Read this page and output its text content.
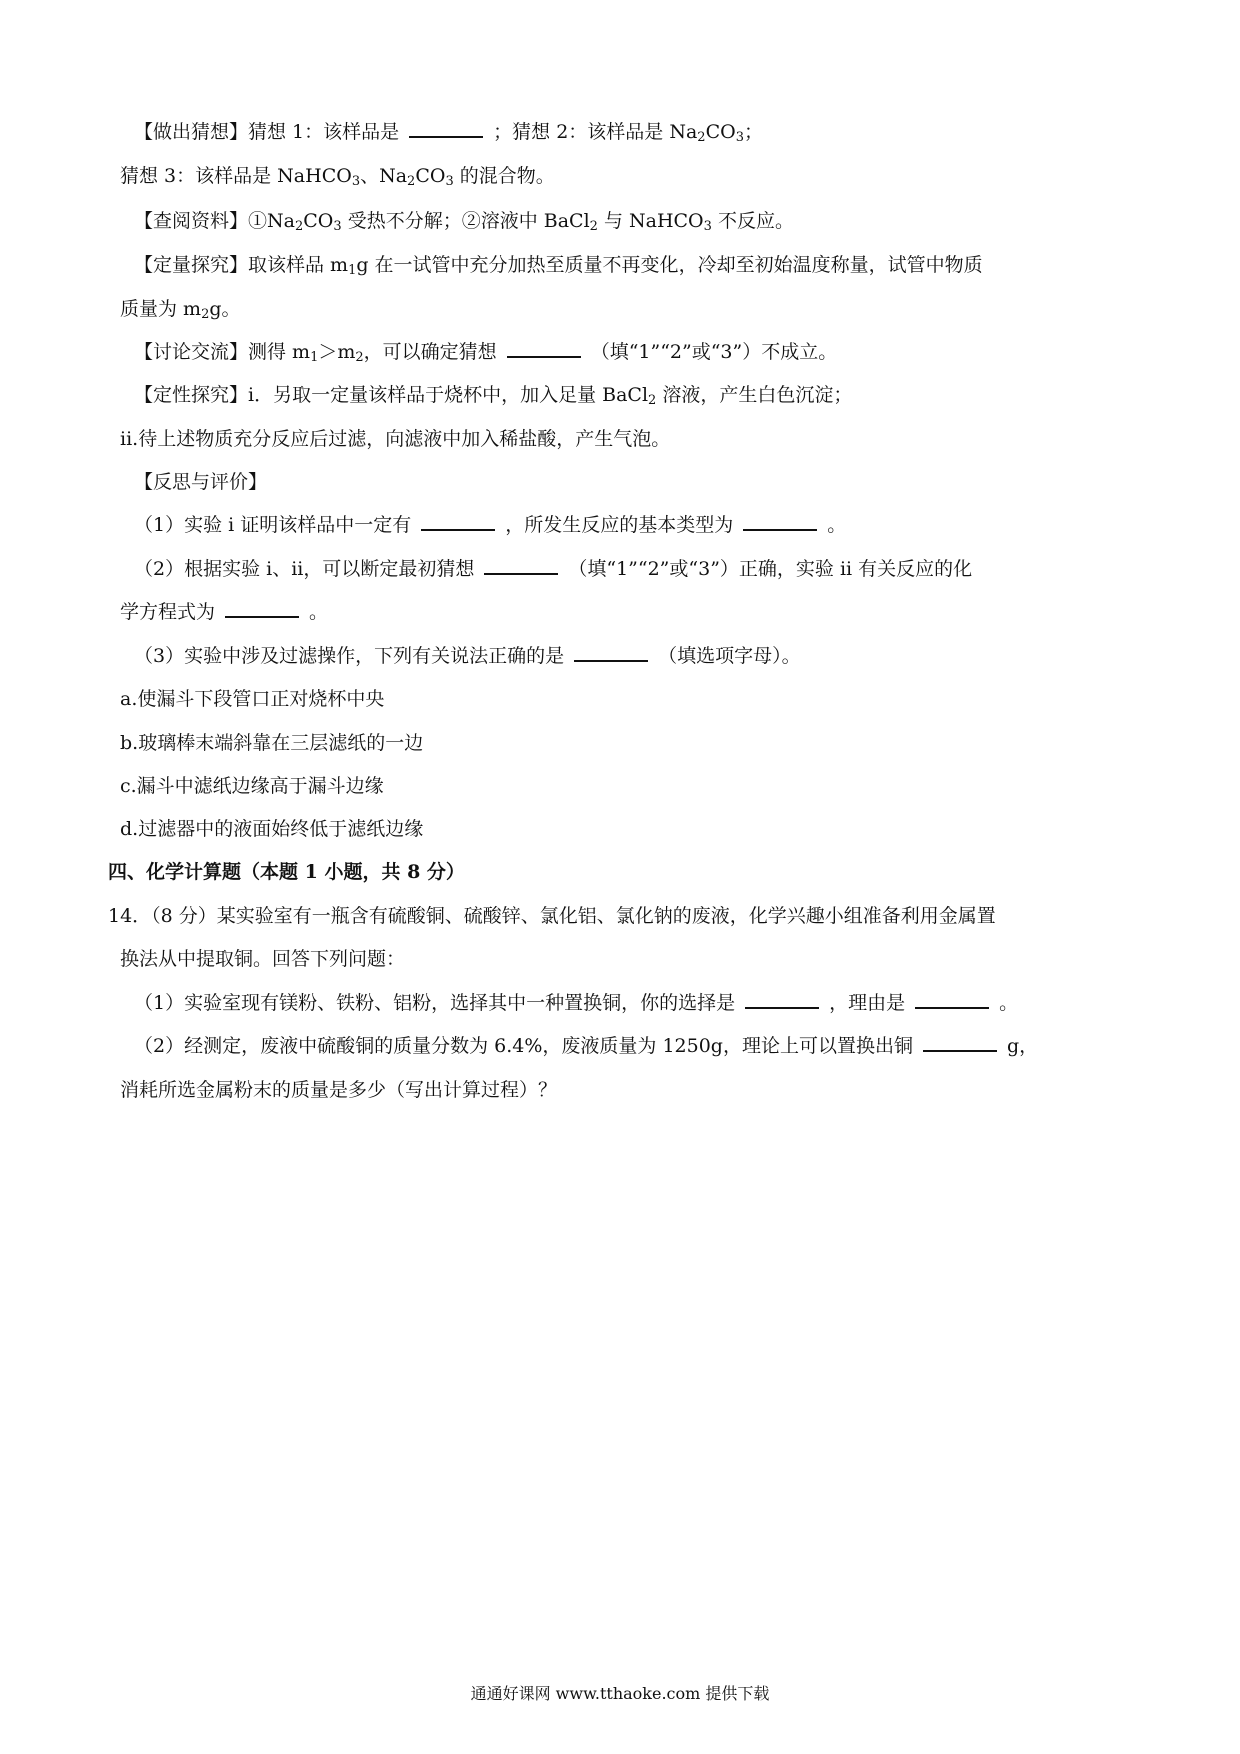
【做出猜想】猜想 1：该样品是	；猜想 2：该样品是 $Na_2CO_3$；
猜想 3：该样品是 NaHCO$_3$、$Na_2CO_3$ 的混合物。
【查阅资料】$①Na_2CO_3$ 受热不分解；②溶液中 BaCl$_2$ 与 NaHCO$_3$ 不反应。
【定量探究】取该样品 $m_1g$ 在一试管中充分加热至质量不再变化，冷却至初始温度称量，试管中物质
质量为 $m_2g$。
【讨论交流】测得 $m_1>m_2$，可以确定猜想	（填“1”“2”或“3”）不成立。
【定性探究】i．另取一定量该样品于烧杯中，加入足量 BaCl$_2$ 溶液，产生白色沉淀；
ii.待上述物质充分反应后过滤，向滤液中加入稀盐酸，产生气泡。
【反思与评价】
（1）实验 i 证明该样品中一定有	，所发生反应的基本类型为	。
（2）根据实验 i、ii，可以断定最初猜想	（填“1”“2”或“3”）正确，实验 ii 有关反应的化
学方程式为	。
（3）实验中涉及过滤操作，下列有关说法正确的是	（填选项字母）。
a.使漏斗下段管口正对烧杯中央
b.玻璃棒末端斜靠在三层滤纸的一边
c.漏斗中滤纸边缘高于漏斗边缘
d.过滤器中的液面始终低于滤纸边缘
四、化学计算题（本题 1 小题，共 8 分）
14．（8 分）某实验室有一瓶含有硫酸铜、硫酸锌、氯化铝、氯化钠的废液，化学兴趣小组准备利用金属置
换法从中提取铜。回答下列问题：
（1）实验室现有镁粉、铁粉、铝粉，选择其中一种置换铜，你的选择是	，理由是	。
（2）经测定，废液中硫酸铜的质量分数为 6.4%，废液质量为 1250g，理论上可以置换出铜	g，
消耗所选金属粉末的质量是多少（写出计算过程）？
通通好课网 www.tthaoke.com 提供下载
